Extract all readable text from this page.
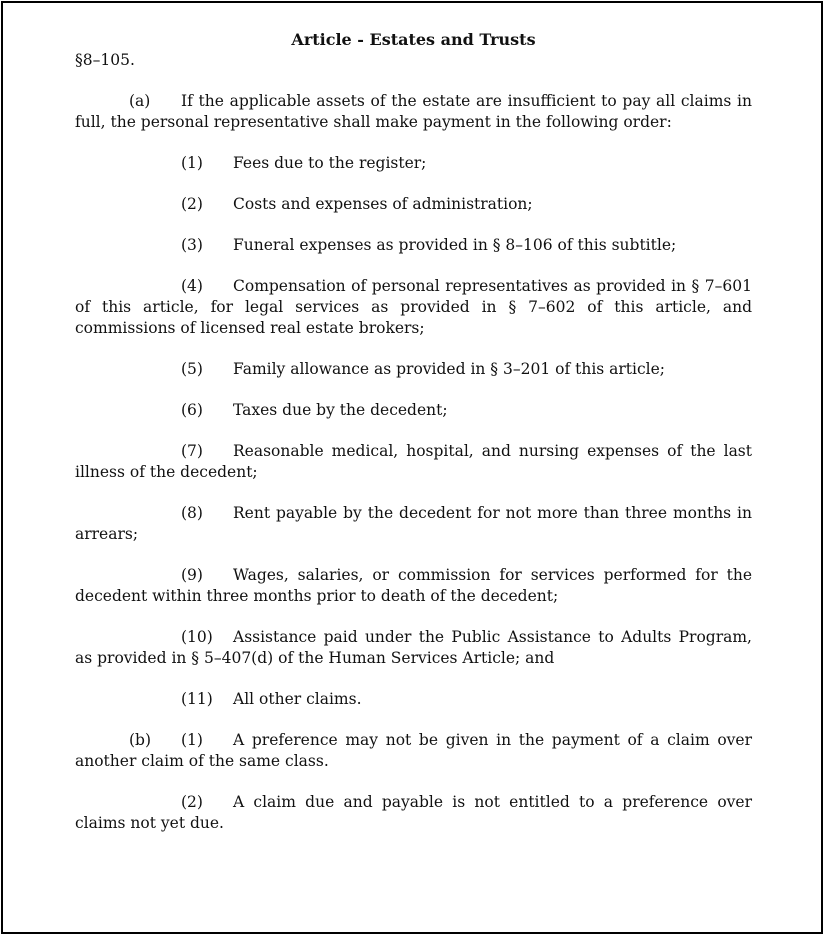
Article - Estates and Trusts

§8–105.

(a) If the applicable assets of the estate are insufficient to pay all claims in full, the personal representative shall make payment in the following order:

(1) Fees due to the register;

(2) Costs and expenses of administration;

(3) Funeral expenses as provided in § 8–106 of this subtitle;

(4) Compensation of personal representatives as provided in § 7–601 of this article, for legal services as provided in § 7–602 of this article, and commissions of licensed real estate brokers;

(5) Family allowance as provided in § 3–201 of this article;

(6) Taxes due by the decedent;

(7) Reasonable medical, hospital, and nursing expenses of the last illness of the decedent;

(8) Rent payable by the decedent for not more than three months in arrears;

(9) Wages, salaries, or commission for services performed for the decedent within three months prior to death of the decedent;

(10) Assistance paid under the Public Assistance to Adults Program, as provided in § 5–407(d) of the Human Services Article; and

(11) All other claims.

(b) (1) A preference may not be given in the payment of a claim over another claim of the same class.

(2) A claim due and payable is not entitled to a preference over claims not yet due.
